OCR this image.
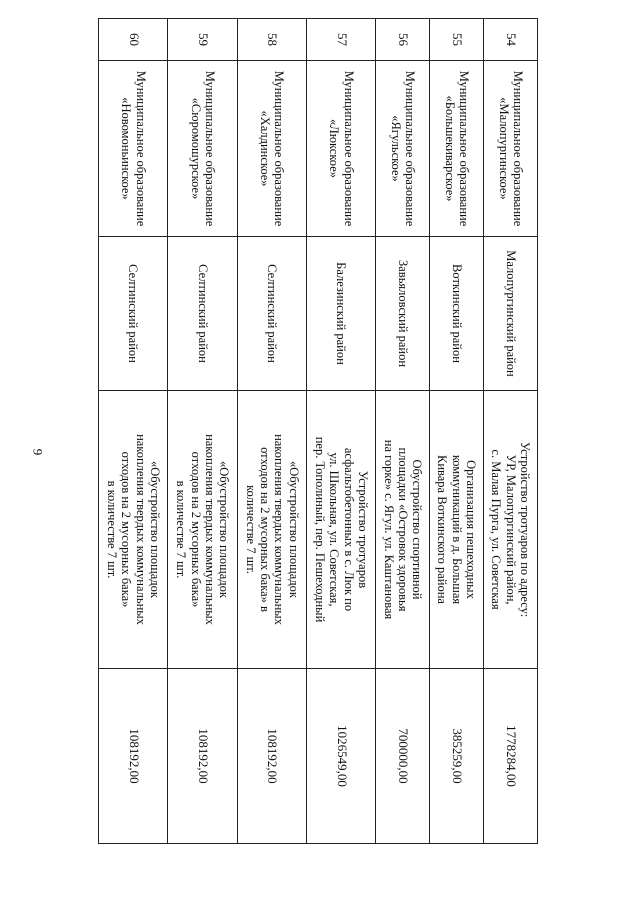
9
54	Муниципальное образование
«Малопургинское»	Малопургинский район	Устройство тротуаров по адресу:
УР, Малопургинский район,
с. Малая Пурга, ул. Советская	1778284,00
55	Муниципальное образование
«Большекиварское»	Воткинский район	Организация пешеходных
коммуникаций в д. Большая
Кивара Воткинского района	385259,00
56	Муниципальное образование
«Ягульское»	Завьяловский район	Обустройство спортивной
площадки «Островок здоровья
на горке» с. Ягул. ул. Каштановая	700000,00
57	Муниципальное образование
«Люкское»	Балезинский район	Устройство тротуаров
асфальтобетонных в с. Люк по
ул. Школьная, ул. Советская,
пер. Тополиный, пер. Пешеходный	1026549,00
58	Муниципальное образование
«Халдинское»	Селтинский район	«Обустройство площадок
накопления твердых коммунальных
отходов на 2 мусорных бака» в
количестве 7 шт.	108192,00
59	Муниципальное образование
«Сюромошурское»	Селтинский район	«Обустройство площадок
накопления твердых коммунальных
отходов на 2 мусорных бака»
в количестве 7 шт.	108192,00
60	Муниципальное образование
«Новомоньинское»	Селтинский район	«Обустройство площадок
накопления твердых коммунальных
отходов на 2 мусорных бака»
в количестве 7 шт.	108192,00
